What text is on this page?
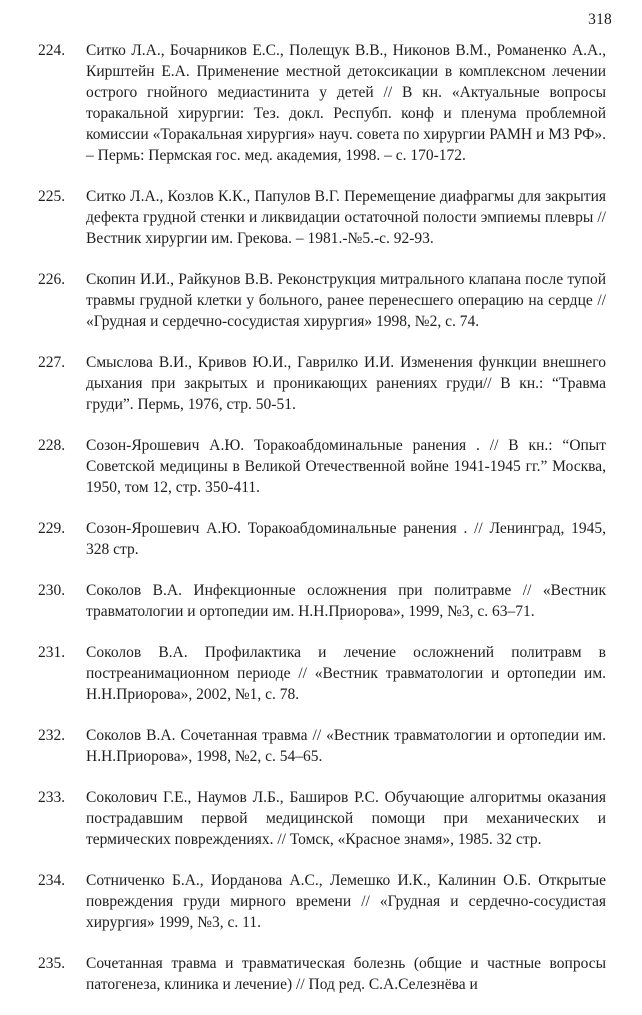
318
224. Ситко Л.А., Бочарников Е.С., Полещук В.В., Никонов В.М., Романенко А.А., Кирштейн Е.А. Применение местной детоксикации в комплексном лечении острого гнойного медиастинита у детей // В кн. «Актуальные вопросы торакальной хирургии: Тез. докл. Респубп. конф и пленума проблемной комиссии «Торакальная хирургия» науч. совета по хирургии РАМН и МЗ РФ». – Пермь: Пермская гос. мед. академия, 1998. – с. 170-172.
225. Ситко Л.А., Козлов К.К., Папулов В.Г. Перемещение диафрагмы для закрытия дефекта грудной стенки и ликвидации остаточной полости эмпиемы плевры // Вестник хирургии им. Грекова. – 1981.-№5.-с. 92-93.
226. Скопин И.И., Райкунов В.В. Реконструкция митрального клапана после тупой травмы грудной клетки у больного, ранее перенесшего операцию на сердце // «Грудная и сердечно-сосудистая хирургия» 1998, №2, с. 74.
227. Смыслова В.И., Кривов Ю.И., Гаврилко И.И. Изменения функции внешнего дыхания при закрытых и проникающих ранениях груди// В кн.: “Травма груди”. Пермь, 1976, стр. 50-51.
228. Созон-Ярошевич А.Ю. Торакоабдоминальные ранения . // В кн.: “Опыт Советской медицины в Великой Отечественной войне 1941-1945 гг.” Москва, 1950, том 12, стр. 350-411.
229. Созон-Ярошевич А.Ю. Торакоабдоминальные ранения . // Ленинград, 1945, 328 стр.
230. Соколов В.А. Инфекционные осложнения при политравме // «Вестник травматологии и ортопедии им. Н.Н.Приорова», 1999, №3, с. 63–71.
231. Соколов В.А. Профилактика и лечение осложнений политравм в постреанимационном периоде // «Вестник травматологии и ортопедии им. Н.Н.Приорова», 2002, №1, с. 78.
232. Соколов В.А. Сочетанная травма // «Вестник травматологии и ортопедии им. Н.Н.Приорова», 1998, №2, с. 54–65.
233. Соколович Г.Е., Наумов Л.Б., Баширов Р.С. Обучающие алгоритмы оказания пострадавшим первой медицинской помощи при механических и термических повреждениях. // Томск, «Красное знамя», 1985. 32 стр.
234. Сотниченко Б.А., Иорданова А.С., Лемешко И.К., Калинин О.Б. Открытые повреждения груди мирного времени // «Грудная и сердечно-сосудистая хирургия» 1999, №3, с. 11.
235. Сочетанная травма и травматическая болезнь (общие и частные вопросы патогенеза, клиника и лечение) // Под ред. С.А.Селезнёва и
